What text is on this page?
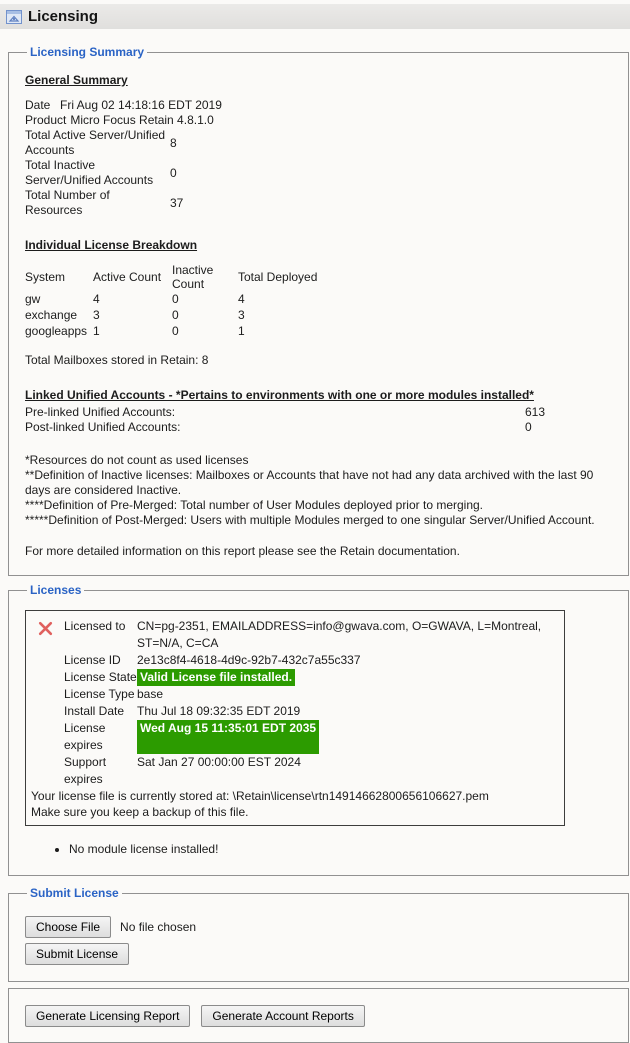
Licensing
Licensing Summary
General Summary
Date Fri Aug 02 14:18:16 EDT 2019
Product Micro Focus Retain 4.8.1.0
Total Active Server/Unified Accounts
8
Total Inactive Server/Unified Accounts
0
Total Number of Resources
37
Individual License Breakdown
System	Active Count	Inactive Count	Total Deployed
gw	4	0	4
exchange	3	0	3
googleapps	1	0	1
Total Mailboxes stored in Retain: 8
Linked Unified Accounts - *Pertains to environments with one or more modules installed*
Pre-linked Unified Accounts:	613
Post-linked Unified Accounts:	0
*Resources do not count as used licenses
**Definition of Inactive licenses: Mailboxes or Accounts that have not had any data archived with the last 90 days are considered Inactive.
****Definition of Pre-Merged: Total number of User Modules deployed prior to merging.
*****Definition of Post-Merged: Users with multiple Modules merged to one singular Server/Unified Account.
For more detailed information on this report please see the Retain documentation.
Licenses
Licensed to CN=pg-2351, EMAILADDRESS=info@gwava.com, O=GWAVA, L=Montreal, ST=N/A, C=CA
License ID	2e13c8f4-4618-4d9c-92b7-432c7a55c337
License State Valid License file installed.
License Type base
Install Date	Thu Jul 18 09:32:35 EDT 2019
License expires
Wed Aug 15 11:35:01 EDT 2035
Support expires
Sat Jan 27 00:00:00 EST 2024
Your license file is currently stored at: \Retain\license\rtn14914662800656106627.pem
Make sure you keep a backup of this file.
• No module license installed!
Submit License
Choose File	No file chosen
Submit License
Generate Licensing Report	Generate Account Reports
